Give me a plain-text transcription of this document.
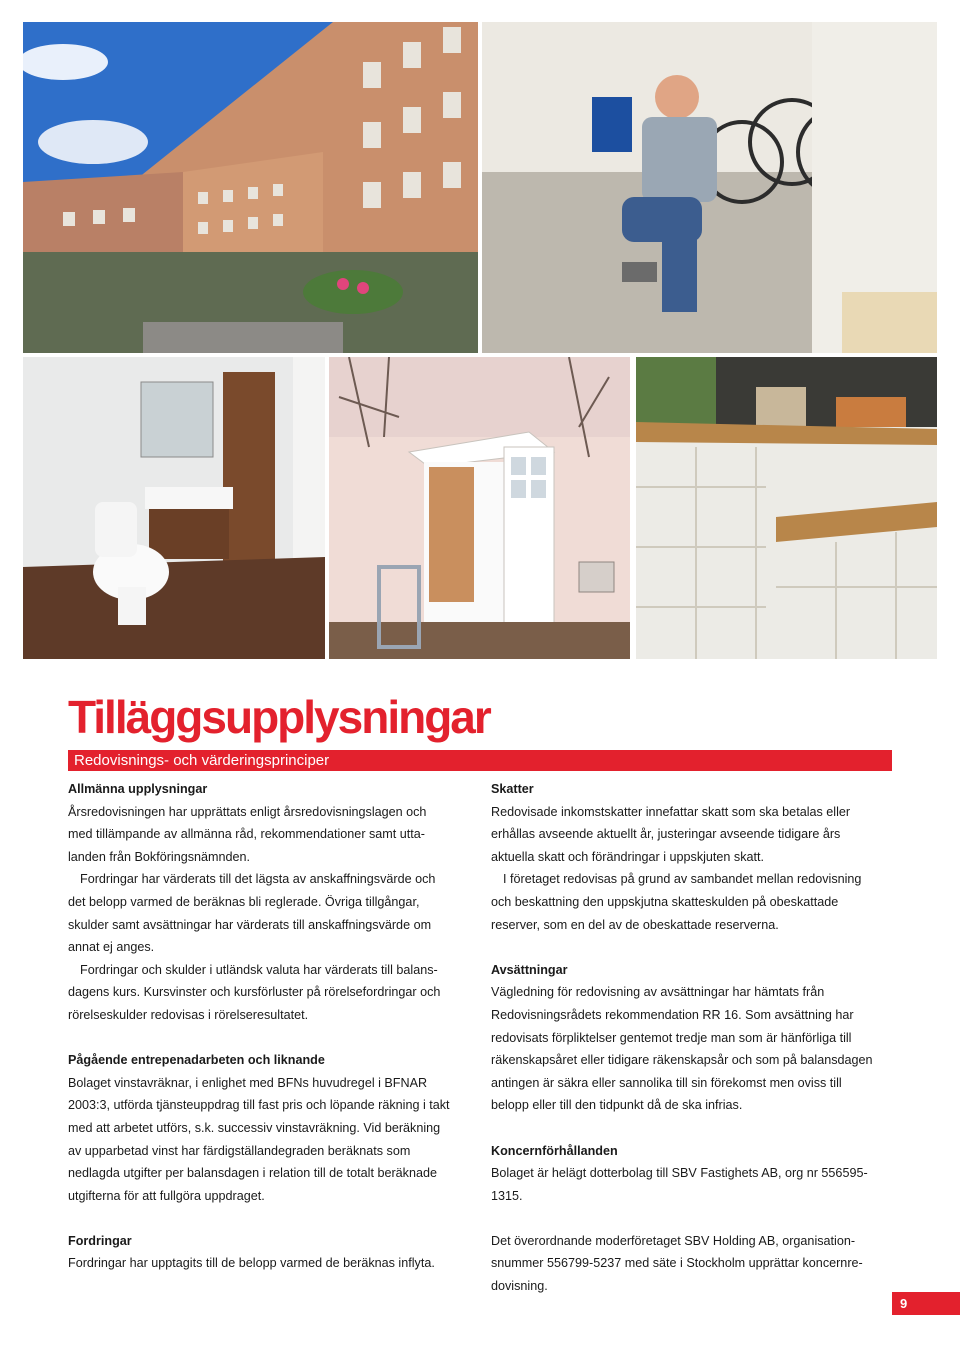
Tilläggsupplysningar
Redovisnings- och värderingsprinciper
Allmänna upplysningar

Årsredovisningen har upprättats enligt årsredovisningslagen och

med tillämpande av allmänna råd, rekommendationer samt utta-

landen från Bokföringsnämnden.

Fordringar har värderats till det lägsta av anskaffningsvärde och

det belopp varmed de beräknas bli reglerade. Övriga tillgångar,

skulder samt avsättningar har värderats till anskaffningsvärde om

annat ej anges.

Fordringar och skulder i utländsk valuta har värderats till balans-

dagens kurs. Kursvinster och kursförluster på rörelsefordringar och

rörelseskulder redovisas i rörelseresultatet.

Pågående entrepenadarbeten och liknande

Bolaget vinstavräknar, i enlighet med BFNs huvudregel i BFNAR

2003:3, utförda tjänsteuppdrag till fast pris och löpande räkning i takt

med att arbetet utförs, s.k. successiv vinstavräkning. Vid beräkning

av upparbetad vinst har färdigställandegraden beräknats som

nedlagda utgifter per balansdagen i relation till de totalt beräknade

utgifterna för att fullgöra uppdraget.

Fordringar

Fordringar har upptagits till de belopp varmed de beräknas inflyta.

Skatter

Redovisade inkomstskatter innefattar skatt som ska betalas eller

erhållas avseende aktuellt år, justeringar avseende tidigare års

aktuella skatt och förändringar i uppskjuten skatt.

I företaget redovisas på grund av sambandet mellan redovisning

och beskattning den uppskjutna skatteskulden på obeskattade

reserver, som en del av de obeskattade reserverna.

Avsättningar

Vägledning för redovisning av avsättningar har hämtats från

Redovisningsrådets rekommendation RR 16. Som avsättning har

redovisats förpliktelser gentemot tredje man som är hänförliga till

räkenskapsåret eller tidigare räkenskapsår och som på balansdagen

antingen är säkra eller sannolika till sin förekomst men oviss till

belopp eller till den tidpunkt då de ska infrias.

Koncernförhållanden

Bolaget är helägt dotterbolag till SBV Fastighets AB, org nr 556595-1315.

Det överordnande moderföretaget SBV Holding AB, organisation-

snummer 556799-5237 med säte i Stockholm upprättar koncernre-

dovisning.

9
